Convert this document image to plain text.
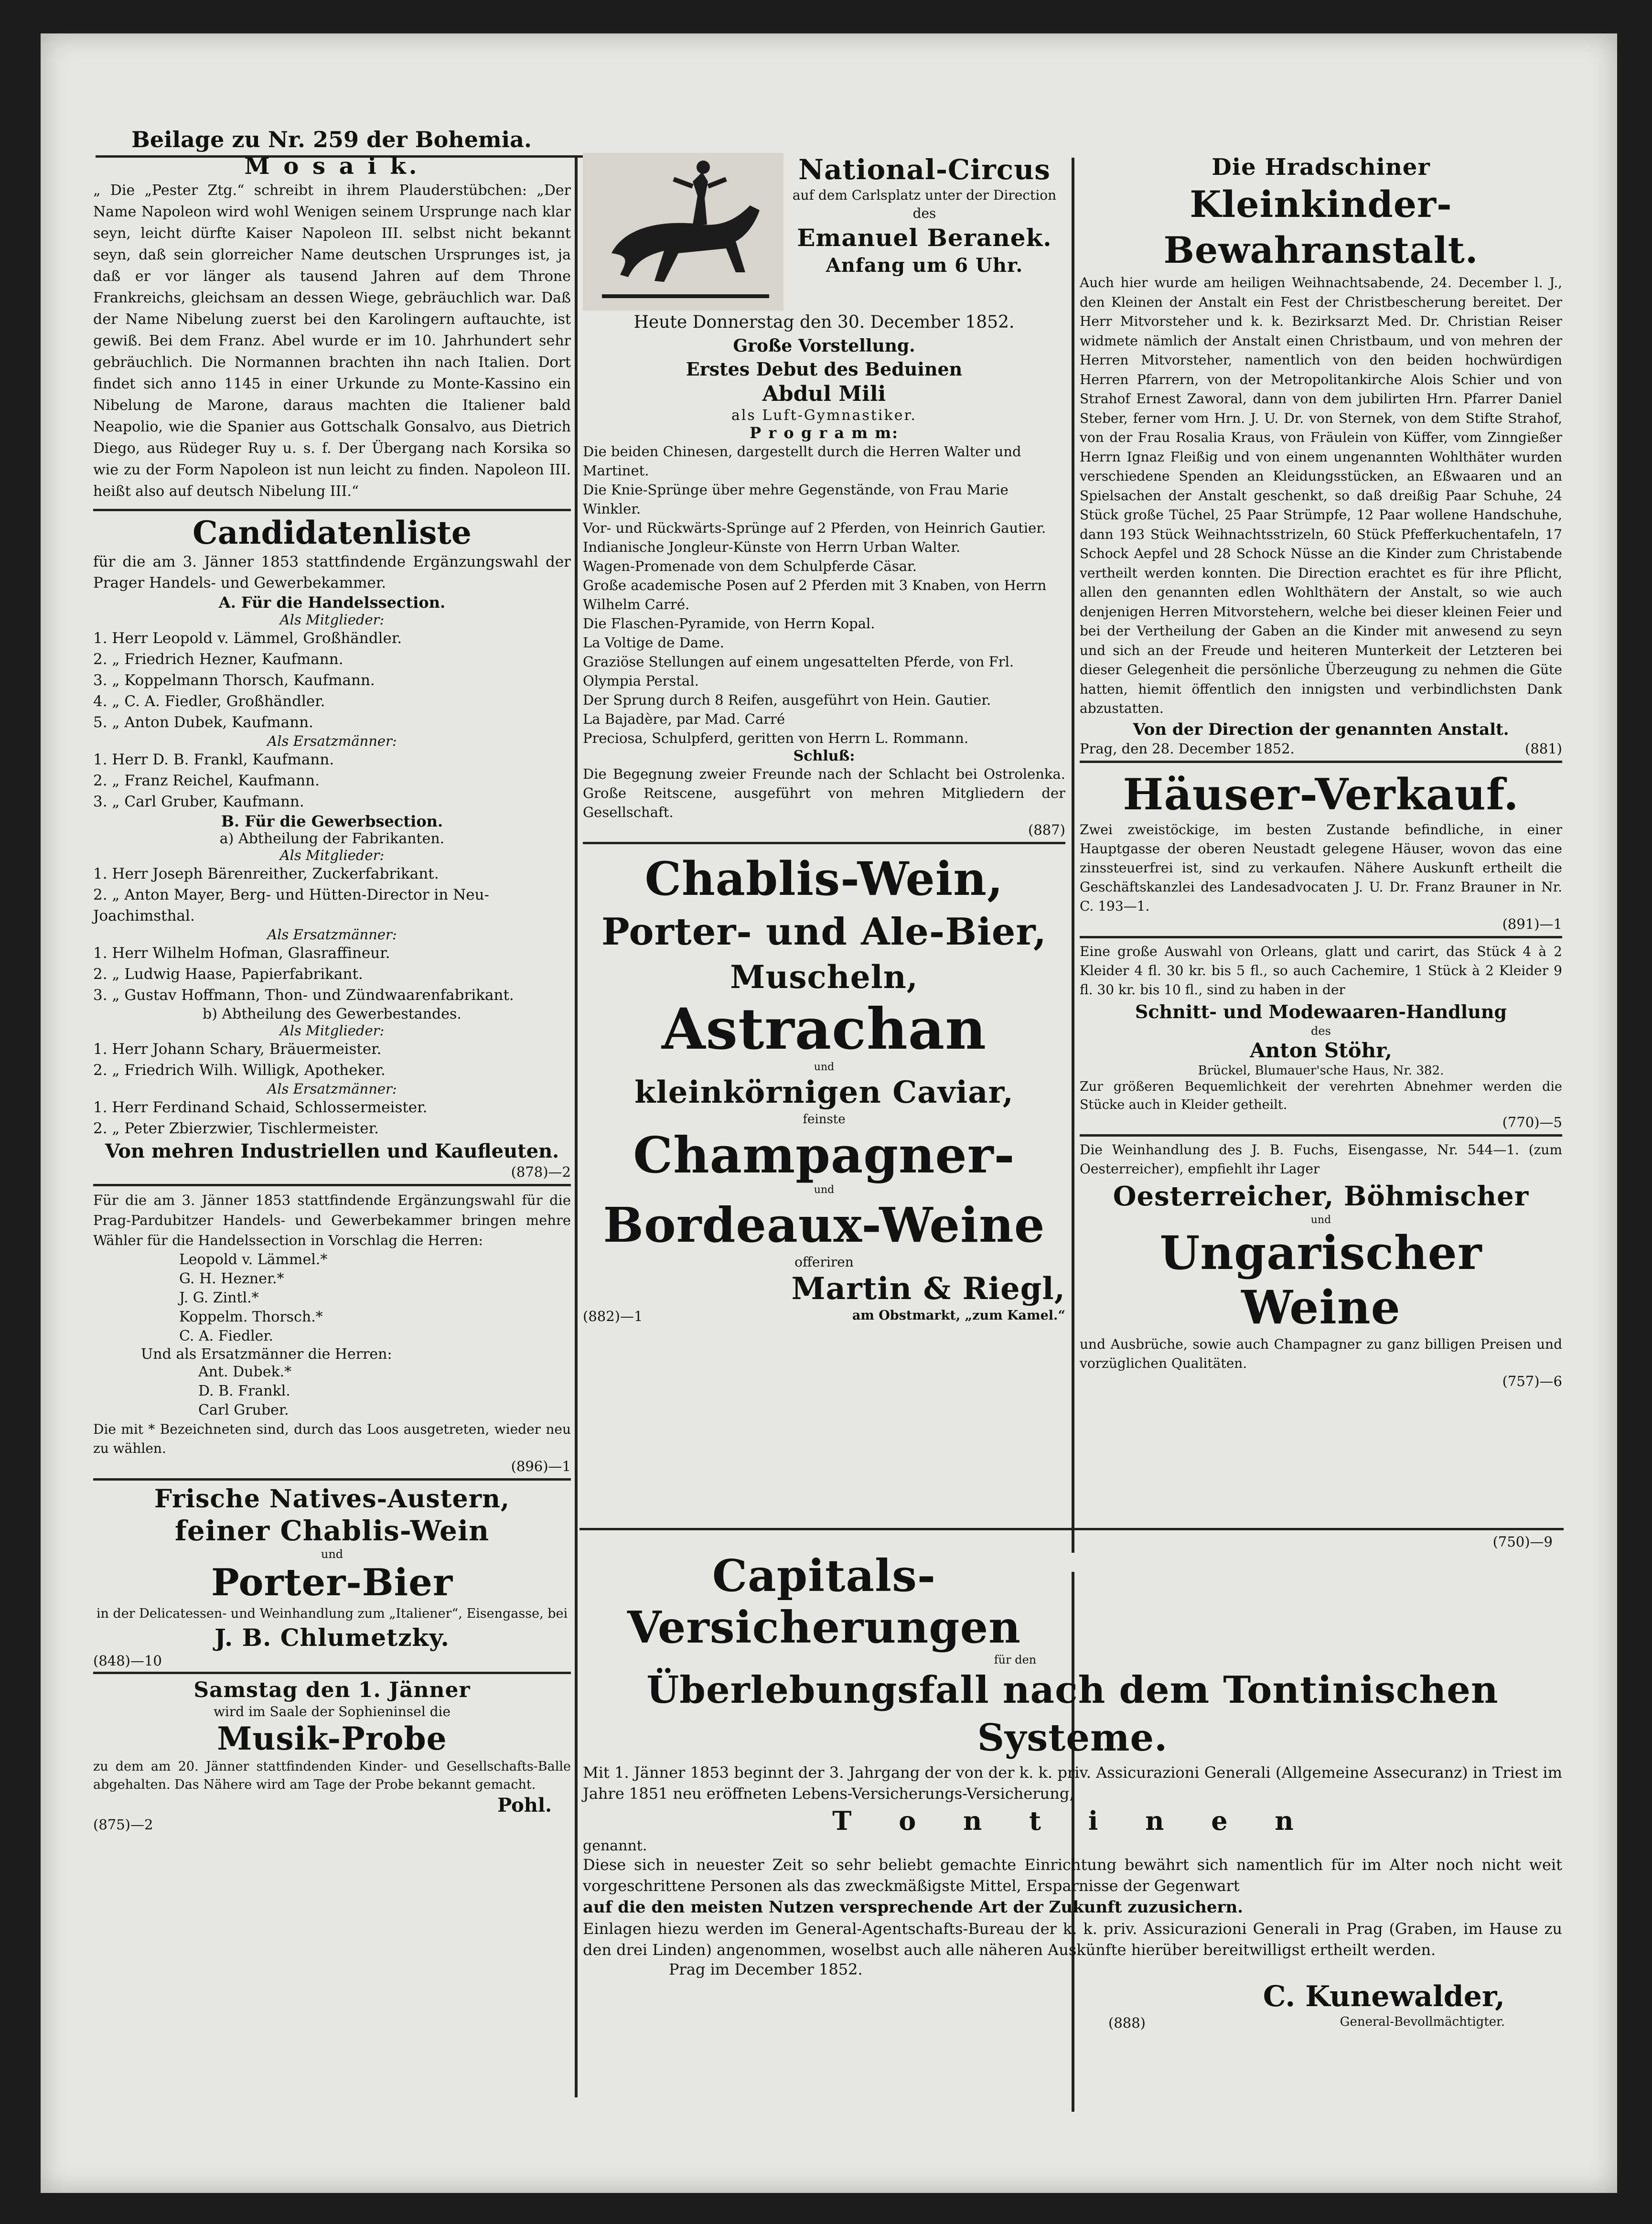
Beilage zu Nr. 259 der Bohemia.
M o s a i k.

„ Die „Pester Ztg.“ schreibt in ihrem Plauderstübchen: „Der Name Napoleon wird wohl Wenigen seinem Ursprunge nach klar seyn, leicht dürfte Kaiser Napoleon III. selbst nicht bekannt seyn, daß sein glorreicher Name deutschen Ursprunges ist, ja daß er vor länger als tausend Jahren auf dem Throne Frankreichs, gleichsam an dessen Wiege, gebräuchlich war. Daß der Name Nibelung zuerst bei den Karolingern auftauchte, ist gewiß. Bei dem Franz. Abel wurde er im 10. Jahrhundert sehr gebräuchlich. Die Normannen brachten ihn nach Italien. Dort findet sich anno 1145 in einer Urkunde zu Monte-Kassino ein Nibelung de Marone, daraus machten die Italiener bald Neapolio, wie die Spanier aus Gottschalk Gonsalvo, aus Dietrich Diego, aus Rüdeger Ruy u. s. f. Der Übergang nach Korsika so wie zu der Form Napoleon ist nun leicht zu finden. Napoleon III. heißt also auf deutsch Nibelung III.“

Candidatenliste

für die am 3. Jänner 1853 stattfindende Ergänzungswahl der Prager Handels- und Gewerbekammer.

A. Für die Handelssection.
Als Mitglieder:
1. Herr Leopold v. Lämmel, Großhändler.
2. „ Friedrich Hezner, Kaufmann.
3. „ Koppelmann Thorsch, Kaufmann.
4. „ C. A. Fiedler, Großhändler.
5. „ Anton Dubek, Kaufmann.
Als Ersatzmänner:
1. Herr D. B. Frankl, Kaufmann.
2. „ Franz Reichel, Kaufmann.
3. „ Carl Gruber, Kaufmann.
B. Für die Gewerbsection.
a) Abtheilung der Fabrikanten.
Als Mitglieder:
1. Herr Joseph Bärenreither, Zuckerfabrikant.
2. „ Anton Mayer, Berg- und Hütten-Director in Neu-Joachimsthal.
Als Ersatzmänner:
1. Herr Wilhelm Hofman, Glasraffineur.
2. „ Ludwig Haase, Papierfabrikant.
3. „ Gustav Hoffmann, Thon- und Zündwaarenfabrikant.
b) Abtheilung des Gewerbestandes.
Als Mitglieder:
1. Herr Johann Schary, Bräuermeister.
2. „ Friedrich Wilh. Willigk, Apotheker.
Als Ersatzmänner:
1. Herr Ferdinand Schaid, Schlossermeister.
2. „ Peter Zbierzwier, Tischlermeister.
Von mehren Industriellen und Kaufleuten.
(878)—2

Für die am 3. Jänner 1853 stattfindende Ergänzungswahl für die Prag-Pardubitzer Handels- und Gewerbekammer bringen mehre Wähler für die Handelssection in Vorschlag die Herren:

Leopold v. Lämmel.*
G. H. Hezner.*
J. G. Zintl.*
Koppelm. Thorsch.*
C. A. Fiedler.
Und als Ersatzmänner die Herren:
Ant. Dubek.*
D. B. Frankl.
Carl Gruber.

Die mit * Bezeichneten sind, durch das Loos ausgetreten, wieder neu zu wählen.

(896)—1
Frische Natives-Austern,
feiner Chablis-Wein
und
Porter-Bier
in der Delicatessen- und Weinhandlung zum „Italiener“, Eisengasse, bei
J. B. Chlumetzky.
(848)—10
Samstag den 1. Jänner
wird im Saale der Sophieninsel die
Musik-Probe

zu dem am 20. Jänner stattfindenden Kinder- und Gesellschafts-Balle abgehalten. Das Nähere wird am Tage der Probe bekannt gemacht.

Pohl.
(875)—2
National-Circus
auf dem Carlsplatz unter der Direction des
Emanuel Beranek.
Anfang um 6 Uhr.
Heute Donnerstag den 30. December 1852.
Große Vorstellung.
Erstes Debut des Beduinen
Abdul Mili
als Luft-Gymnastiker.
P r o g r a m m:
Die beiden Chinesen, dargestellt durch die Herren Walter und Martinet.
Die Knie-Sprünge über mehre Gegenstände, von Frau Marie Winkler.
Vor- und Rückwärts-Sprünge auf 2 Pferden, von Heinrich Gautier.
Indianische Jongleur-Künste von Herrn Urban Walter.
Wagen-Promenade von dem Schulpferde Cäsar.
Große academische Posen auf 2 Pferden mit 3 Knaben, von Herrn Wilhelm Carré.
Die Flaschen-Pyramide, von Herrn Kopal.
La Voltige de Dame.
Graziöse Stellungen auf einem ungesattelten Pferde, von Frl. Olympia Perstal.
Der Sprung durch 8 Reifen, ausgeführt von Hein. Gautier.
La Bajadère, par Mad. Carré
Preciosa, Schulpferd, geritten von Herrn L. Rommann.
Schluß:

Die Begegnung zweier Freunde nach der Schlacht bei Ostrolenka. Große Reitscene, ausgeführt von mehren Mitgliedern der Gesellschaft.

(887)
Chablis-Wein,
Porter- und Ale-Bier,
Muscheln,
Astrachan
und
kleinkörnigen Caviar,
feinste
Champagner-
und
Bordeaux-Weine
offeriren
Martin & Riegl,
(882)—1	am Obstmarkt, „zum Kamel.“
Die Hradschiner
Kleinkinder-Bewahranstalt.

Auch hier wurde am heiligen Weihnachtsabende, 24. December l. J., den Kleinen der Anstalt ein Fest der Christbescherung bereitet. Der Herr Mitvorsteher und k. k. Bezirksarzt Med. Dr. Christian Reiser widmete nämlich der Anstalt einen Christbaum, und von mehren der Herren Mitvorsteher, namentlich von den beiden hochwürdigen Herren Pfarrern, von der Metropolitankirche Alois Schier und von Strahof Ernest Zaworal, dann von dem jubilirten Hrn. Pfarrer Daniel Steber, ferner vom Hrn. J. U. Dr. von Sternek, von dem Stifte Strahof, von der Frau Rosalia Kraus, von Fräulein von Küffer, vom Zinngießer Herrn Ignaz Fleißig und von einem ungenannten Wohlthäter wurden verschiedene Spenden an Kleidungsstücken, an Eßwaaren und an Spielsachen der Anstalt geschenkt, so daß dreißig Paar Schuhe, 24 Stück große Tüchel, 25 Paar Strümpfe, 12 Paar wollene Handschuhe, dann 193 Stück Weihnachtsstrizeln, 60 Stück Pfefferkuchentafeln, 17 Schock Aepfel und 28 Schock Nüsse an die Kinder zum Christabende vertheilt werden konnten. Die Direction erachtet es für ihre Pflicht, allen den genannten edlen Wohlthätern der Anstalt, so wie auch denjenigen Herren Mitvorstehern, welche bei dieser kleinen Feier und bei der Vertheilung der Gaben an die Kinder mit anwesend zu seyn und sich an der Freude und heiteren Munterkeit der Letzteren bei dieser Gelegenheit die persönliche Überzeugung zu nehmen die Güte hatten, hiemit öffentlich den innigsten und verbindlichsten Dank abzustatten.

Von der Direction der genannten Anstalt.
Prag, den 28. December 1852.	(881)
Häuser-Verkauf.

Zwei zweistöckige, im besten Zustande befindliche, in einer Hauptgasse der oberen Neustadt gelegene Häuser, wovon das eine zinssteuerfrei ist, sind zu verkaufen. Nähere Auskunft ertheilt die Geschäftskanzlei des Landesadvocaten J. U. Dr. Franz Brauner in Nr. C. 193—1.

(891)—1

Eine große Auswahl von Orleans, glatt und carirt, das Stück 4 à 2 Kleider 4 fl. 30 kr. bis 5 fl., so auch Cachemire, 1 Stück à 2 Kleider 9 fl. 30 kr. bis 10 fl., sind zu haben in der

Schnitt- und Modewaaren-Handlung
des
Anton Stöhr,
Brückel, Blumauer'sche Haus, Nr. 382.

Zur größeren Bequemlichkeit der verehrten Abnehmer werden die Stücke auch in Kleider getheilt.

(770)—5

Die Weinhandlung des J. B. Fuchs, Eisengasse, Nr. 544—1. (zum Oesterreicher), empfiehlt ihr Lager

Oesterreicher, Böhmischer
und
Ungarischer Weine

und Ausbrüche, sowie auch Champagner zu ganz billigen Preisen und vorzüglichen Qualitäten.

(757)—6
(750)—9
Capitals-Versicherungen
für den
Überlebungsfall nach dem Tontinischen Systeme.

Mit 1. Jänner 1853 beginnt der 3. Jahrgang der von der k. k. priv. Assicurazioni Generali (Allgemeine Assecuranz) in Triest im Jahre 1851 neu eröffneten Lebens-Versicherungs-Versicherung,

T o n t i n e n
genannt.

Diese sich in neuester Zeit so sehr beliebt gemachte Einrichtung bewährt sich namentlich für im Alter noch nicht weit vorgeschrittene Personen als das zweckmäßigste Mittel, Ersparnisse der Gegenwart

auf die den meisten Nutzen versprechende Art der Zukunft zuzusichern.

Einlagen hiezu werden im General-Agentschafts-Bureau der k. k. priv. Assicurazioni Generali in Prag (Graben, im Hause zu den drei Linden) angenommen, woselbst auch alle näheren Auskünfte hierüber bereitwilligst ertheilt werden.

Prag im December 1852.
C. Kunewalder,
(888)	General-Bevollmächtigter.
